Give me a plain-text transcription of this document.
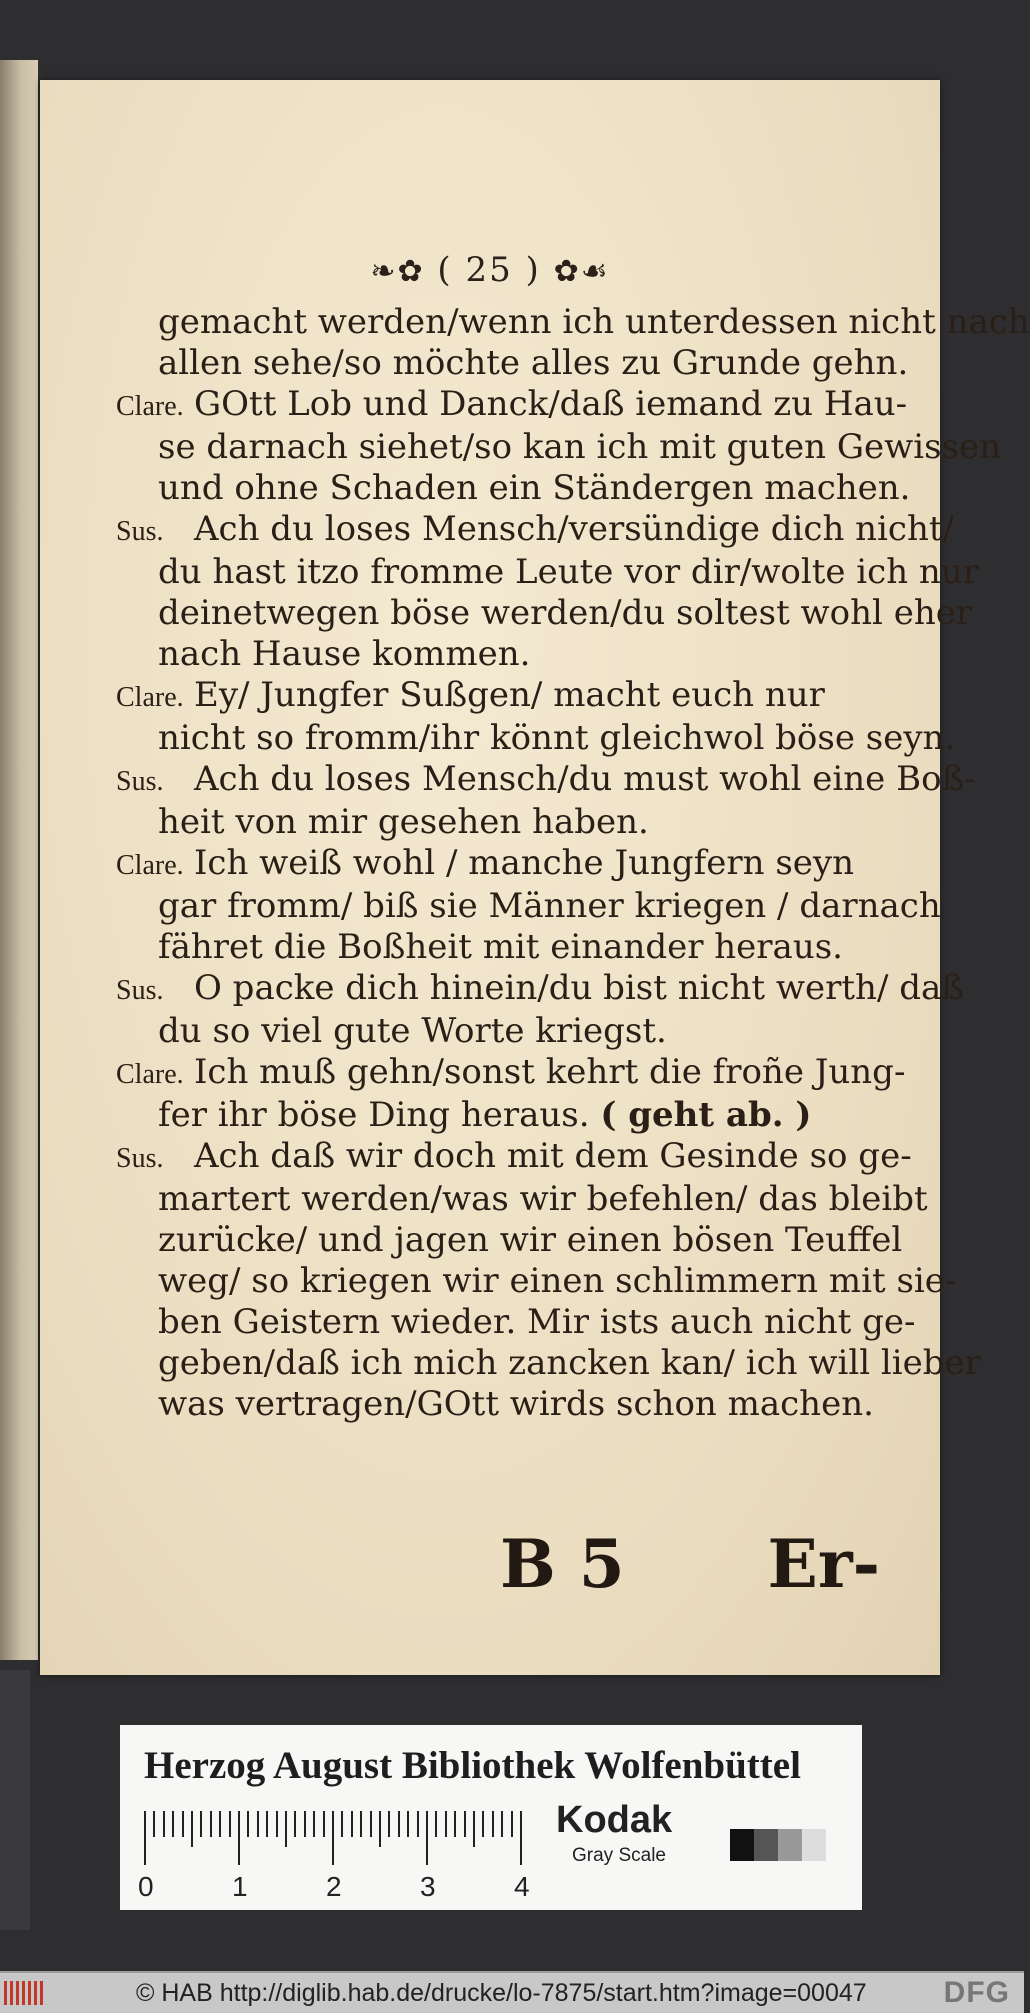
❧✿ ( 25 ) ✿☙
gemacht werden/wenn ich unterdessen nicht nach
allen sehe/so möchte alles zu Grunde gehn.
Clare. GOtt Lob und Danck/daß iemand zu Hau-
se darnach siehet/so kan ich mit guten Gewissen
und ohne Schaden ein Ständergen machen.
Sus. Ach du loses Mensch/versündige dich nicht/
du hast itzo fromme Leute vor dir/wolte ich nur
deinetwegen böse werden/du soltest wohl eher
nach Hause kommen.
Clare. Ey/ Jungfer Sußgen/ macht euch nur
nicht so fromm/ihr könnt gleichwol böse seyn.
Sus. Ach du loses Mensch/du must wohl eine Boß-
heit von mir gesehen haben.
Clare. Ich weiß wohl / manche Jungfern seyn
gar fromm/ biß sie Männer kriegen / darnach
fähret die Boßheit mit einander heraus.
Sus. O packe dich hinein/du bist nicht werth/ daß
du so viel gute Worte kriegst.
Clare. Ich muß gehn/sonst kehrt die froñe Jung-
fer ihr böse Ding heraus. ( geht ab. )
Sus. Ach daß wir doch mit dem Gesinde so ge-
martert werden/was wir befehlen/ das bleibt
zurücke/ und jagen wir einen bösen Teuffel
weg/ so kriegen wir einen schlimmern mit sie-
ben Geistern wieder. Mir ists auch nicht ge-
geben/daß ich mich zancken kan/ ich will lieber
was vertragen/GOtt wirds schon machen.
B 5 Er-
Herzog August Bibliothek Wolfenbüttel
0	1	2	3	4
Kodak
Gray Scale
© HAB http://diglib.hab.de/drucke/lo-7875/start.htm?image=00047	DFG
